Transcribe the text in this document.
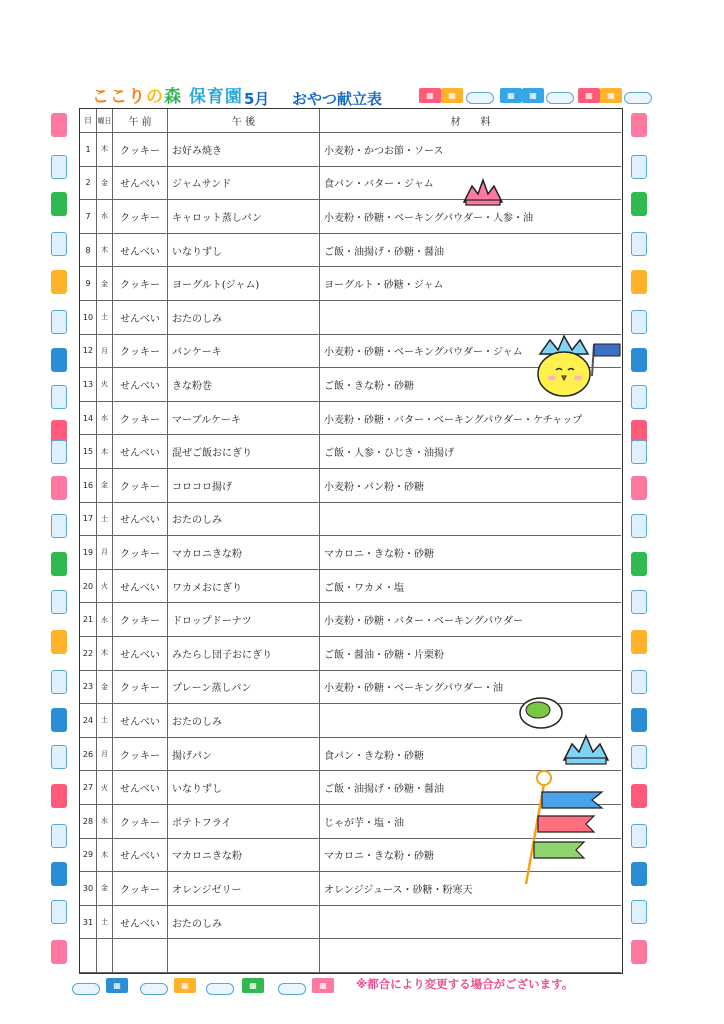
ここりの森 保育園 5月 おやつ献立表	▦	▦	▦	▦	▦	▦
日 曜日	午 前	午 後	材　　料
1	木	クッキー	お好み焼き	小麦粉・かつお節・ソース
2	金	せんべい	ジャムサンド	食パン・バター・ジャム
7	水	クッキー	キャロット蒸しパン	小麦粉・砂糖・ベーキングパウダー・人参・油
8	木	せんべい	いなりずし	ご飯・油揚げ・砂糖・醤油
9	金	クッキー	ヨーグルト(ジャム)	ヨーグルト・砂糖・ジャム
10	土	せんべい	おたのしみ
12	月	クッキー	パンケーキ	小麦粉・砂糖・ベーキングパウダー・ジャム
13	火	せんべい	きな粉巻	ご飯・きな粉・砂糖
14	水	クッキー	マーブルケーキ	小麦粉・砂糖・バター・ベーキングパウダー・ケチャップ
15	木	せんべい	混ぜご飯おにぎり	ご飯・人参・ひじき・油揚げ
16	金	クッキー	コロコロ揚げ	小麦粉・パン粉・砂糖
17	土	せんべい	おたのしみ
19	月	クッキー	マカロニきな粉	マカロニ・きな粉・砂糖
20	火	せんべい	ワカメおにぎり	ご飯・ワカメ・塩
21	水	クッキー	ドロップドーナツ	小麦粉・砂糖・バター・ベーキングパウダー
22	木	せんべい	みたらし団子おにぎり	ご飯・醤油・砂糖・片栗粉
23	金	クッキー	プレーン蒸しパン	小麦粉・砂糖・ベーキングパウダー・油
24	土	せんべい	おたのしみ
26	月	クッキー	揚げパン	食パン・きな粉・砂糖
27	火	せんべい	いなりずし	ご飯・油揚げ・砂糖・醤油
28	水	クッキー	ポテトフライ	じゃが芋・塩・油
29	木	せんべい	マカロニきな粉	マカロニ・きな粉・砂糖
30	金	クッキー	オレンジゼリー	オレンジジュース・砂糖・粉寒天
31	土	せんべい	おたのしみ
▦	▦	▦	▦	※都合により変更する場合がございます。
